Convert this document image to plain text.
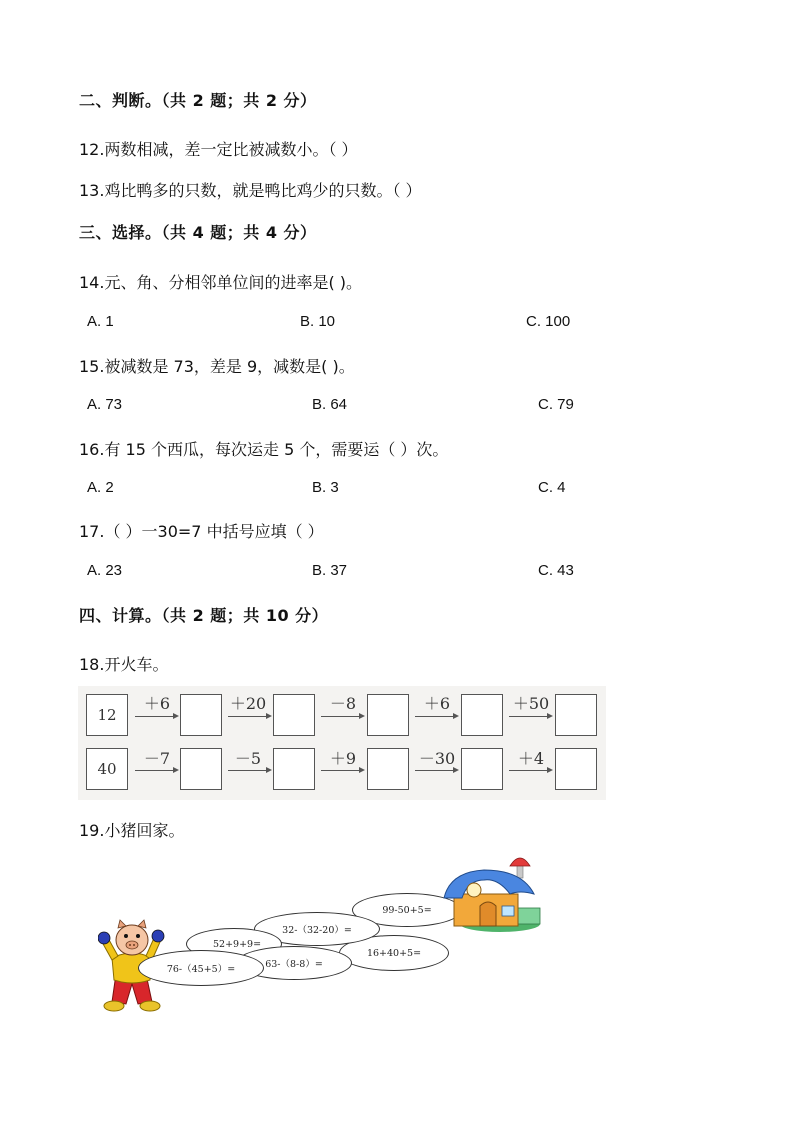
二、判断。（共 2 题；共 2 分）
12.两数相减，差一定比被减数小。（ ）
13.鸡比鸭多的只数，就是鸭比鸡少的只数。（ ）
三、选择。（共 4 题；共 4 分）
14.元、角、分相邻单位间的进率是( )。
A. 1	B. 10	C. 100
15.被减数是 73，差是 9，减数是( )。
A. 73	B. 64	C. 79
16.有 15 个西瓜，每次运走 5 个，需要运（ ）次。
A. 2	B. 3	C. 4
17.（ ）一30=7 中括号应填（ ）
A. 23	B. 37	C. 43
四、计算。（共 2 题；共 10 分）
18.开火车。
12
＋6	＋20	－8	＋6	＋50
40
－7	－5	＋9	－30	＋4
19.小猪回家。
99-50+5=
16+40+5=
32-（32-20）=
52+9+9=
63-（8-8）=
76-（45+5）=
